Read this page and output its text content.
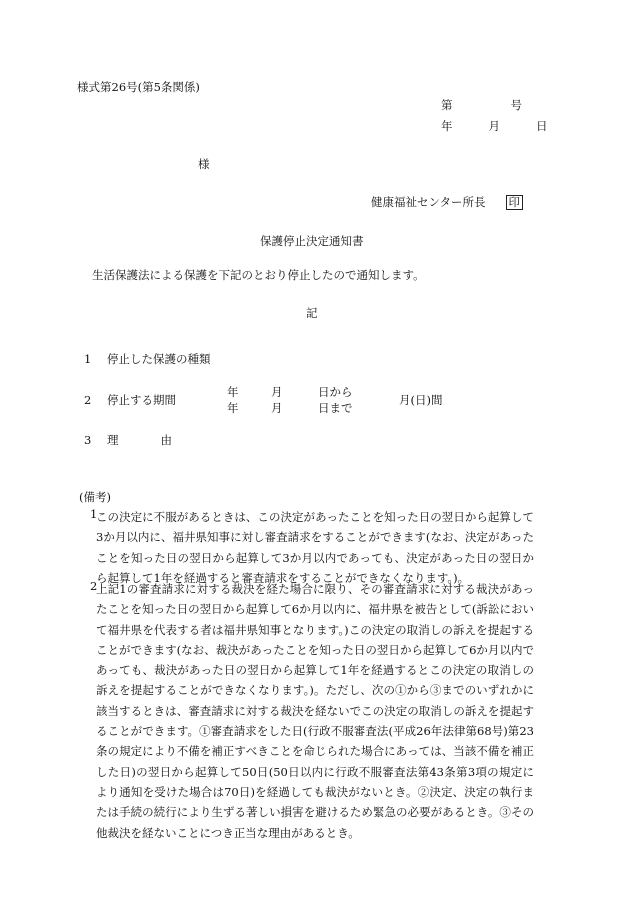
様式第26号(第5条関係)
第	号
年	月	日
様
健康福祉センター所長 印
保護停止決定通知書
生活保護法による保護を下記のとおり停止したので通知します。
記
1 停止した保護の種類
2 停止する期間
年	月	日から
年	月	日まで
月(日)間
3 理	由
(備考)
1
この決定に不服があるときは、この決定があったことを知った日の翌日から起算して3か月以内に、福井県知事に対し審査請求をすることができます(なお、決定があったことを知った日の翌日から起算して3か月以内であっても、決定があった日の翌日から起算して1年を経過すると審査請求をすることができなくなります。)。
2
上記1の審査請求に対する裁決を経た場合に限り、その審査請求に対する裁決があったことを知った日の翌日から起算して6か月以内に、福井県を被告として(訴訟において福井県を代表する者は福井県知事となります。)この決定の取消しの訴えを提起することができます(なお、裁決があったことを知った日の翌日から起算して6か月以内であっても、裁決があった日の翌日から起算して1年を経過するとこの決定の取消しの訴えを提起することができなくなります。)。ただし、次の①から③までのいずれかに該当するときは、審査請求に対する裁決を経ないでこの決定の取消しの訴えを提起することができます。①審査請求をした日(行政不服審査法(平成26年法律第68号)第23条の規定により不備を補正すべきことを命じられた場合にあっては、当該不備を補正した日)の翌日から起算して50日(50日以内に行政不服審査法第43条第3項の規定により通知を受けた場合は70日)を経過しても裁決がないとき。②決定、決定の執行または手続の続行により生ずる著しい損害を避けるため緊急の必要があるとき。③その他裁決を経ないことにつき正当な理由があるとき。
